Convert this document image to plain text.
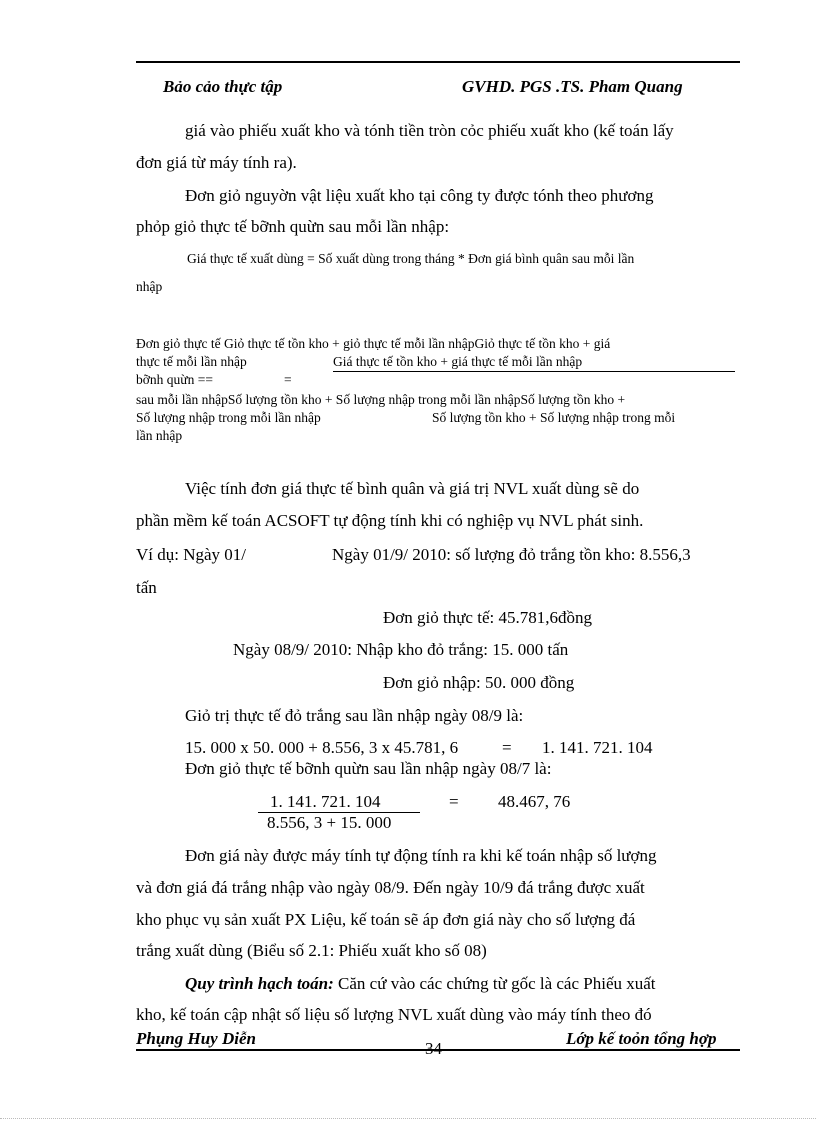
Bảo cảo thực tập	GVHD. PGS .TS. Pham Quang
giá vào phiếu xuất kho và tónh tiền tròn cỏc phiếu xuất kho (kế toán lấy
đơn giá từ máy tính ra).
Đơn giỏ nguyờn vật liệu xuất kho tại công ty được tónh theo phương
phỏp giỏ thực tế bỡnh quừn sau mỗi lần nhập:
Giá thực tế xuất dùng = Số xuất dùng trong tháng * Đơn giá bình quân sau mỗi lần
nhập
Đơn giỏ thực tế Giỏ thực tế tồn kho + giỏ thực tế mỗi lần nhậpGiỏ thực tế tồn kho + giá
thực tế mỗi lần nhập	Giá thực tế tồn kho + giá thực tế mỗi lần nhập
bỡnh quừn ==	=
sau mỗi lần nhậpSố lượng tồn kho + Số lượng nhập trong mỗi lần nhậpSố lượng tồn kho +
Số lượng nhập trong mỗi lần nhập	Số lượng tồn kho + Số lượng nhập trong mỗi
lần nhập
Việc tính đơn giá thực tế bình quân và giá trị NVL xuất dùng sẽ do
phần mềm kế toán ACSOFT tự động tính khi có nghiệp vụ NVL phát sinh.
Ví dụ: Ngày 01/	Ngày 01/9/ 2010: số lượng đỏ trắng tồn kho: 8.556,3
tấn
Đơn giỏ thực tế: 45.781,6đồng
Ngày 08/9/ 2010: Nhập kho đỏ trắng: 15. 000 tấn
Đơn giỏ nhập: 50. 000 đồng
Giỏ trị thực tế đỏ trắng sau lần nhập ngày 08/9 là:
15. 000 x 50. 000 + 8.556, 3 x 45.781, 6	= 1. 141. 721. 104
Đơn giỏ thực tế bỡnh quừn sau lần nhập ngày 08/7 là:
1. 141. 721. 104
8.556, 3 + 15. 000
= 48.467, 76
Đơn giá này được máy tính tự động tính ra khi kế toán nhập số lượng
và đơn giá đá trắng nhập vào ngày 08/9. Đến ngày 10/9 đá trắng được xuất
kho phục vụ sản xuất PX Liệu, kế toán sẽ áp đơn giá này cho số lượng đá
trắng xuất dùng (Biểu số 2.1: Phiếu xuất kho số 08)
Quy trình hạch toán: Căn cứ vào các chứng từ gốc là các Phiếu xuất
kho, kế toán cập nhật số liệu số lượng NVL xuất dùng vào máy tính theo đó
Phụng Huy Diễn	Lớp kế toỏn tổng hợp
34
